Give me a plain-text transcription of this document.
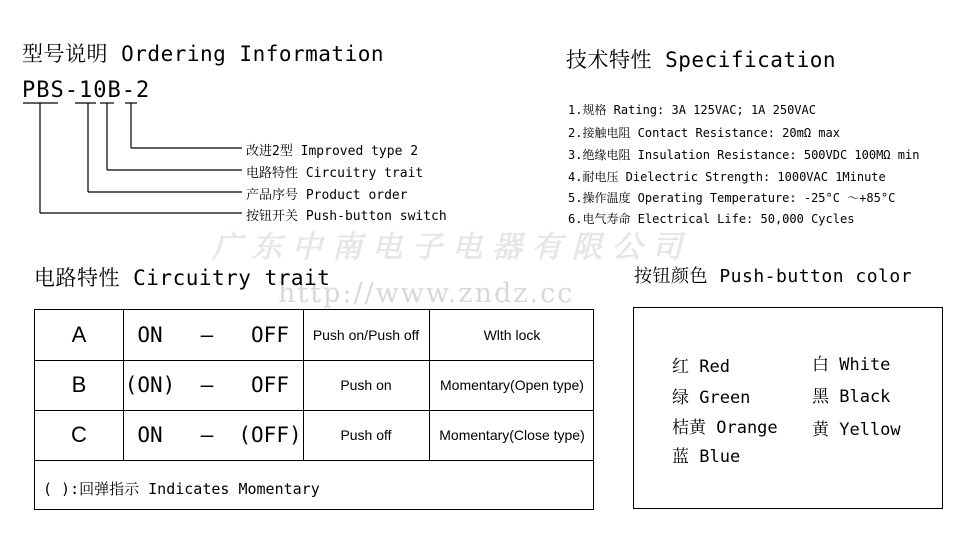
广东中南电子电器有限公司
http://www.zndz.cc
型号说明 Ordering Information
PBS-10B-2
改进2型 Improved type 2
电路特性 Circuitry trait
产品序号 Product order
按钮开关 Push-button switch
技术特性 Specification
1.规格 Rating: 3A 125VAC; 1A 250VAC
2.接触电阻 Contact Resistance: 20mΩ max
3.绝缘电阻 Insulation Resistance: 500VDC 100MΩ min
4.耐电压 Dielectric Strength: 1000VAC 1Minute
5.操作温度 Operating Temperature: -25°C ～+85°C
6.电气寿命 Electrical Life: 50,000 Cycles
电路特性 Circuitry trait
A	ON	—	OFF	Push on/Push off	Wlth lock
B	(ON)	—	OFF	Push on	Momentary(Open type)
C	ON	—	(OFF)	Push off	Momentary(Close type)
( ):回弹指示 Indicates Momentary
按钮颜色 Push-button color
红 Red
绿 Green
桔黄 Orange
蓝 Blue
白 White
黑 Black
黄 Yellow
